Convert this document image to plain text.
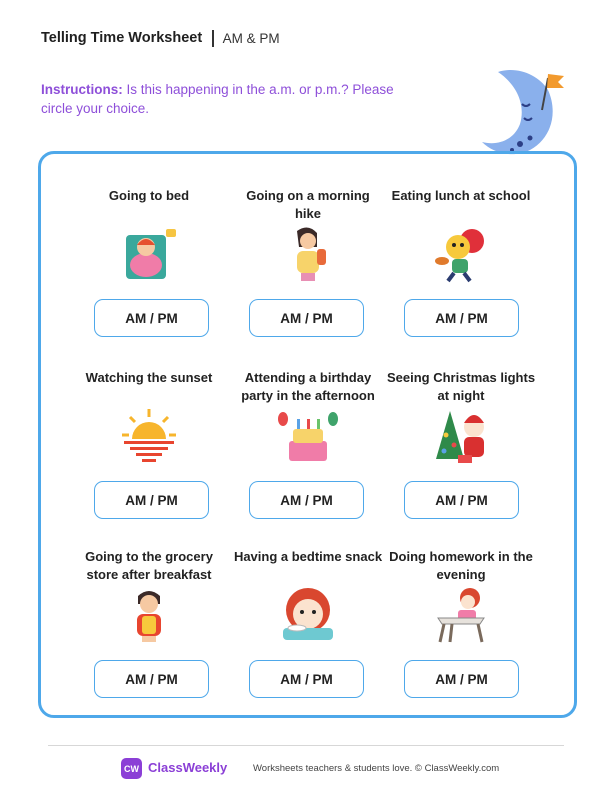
Telling Time Worksheet AM & PM
Instructions: Is this happening in the a.m. or p.m.? Please circle your choice.
Going to bed
AM / PM
Going on a morning hike
AM / PM
Eating lunch at school
AM / PM
Watching the sunset
AM / PM
Attending a birthday party in the afternoon
AM / PM
Seeing Christmas lights at night
AM / PM
Going to the grocery store after breakfast
AM / PM
Having a bedtime snack
AM / PM
Doing homework in the evening
AM / PM
CW ClassWeekly	Worksheets teachers & students love. © ClassWeekly.com
